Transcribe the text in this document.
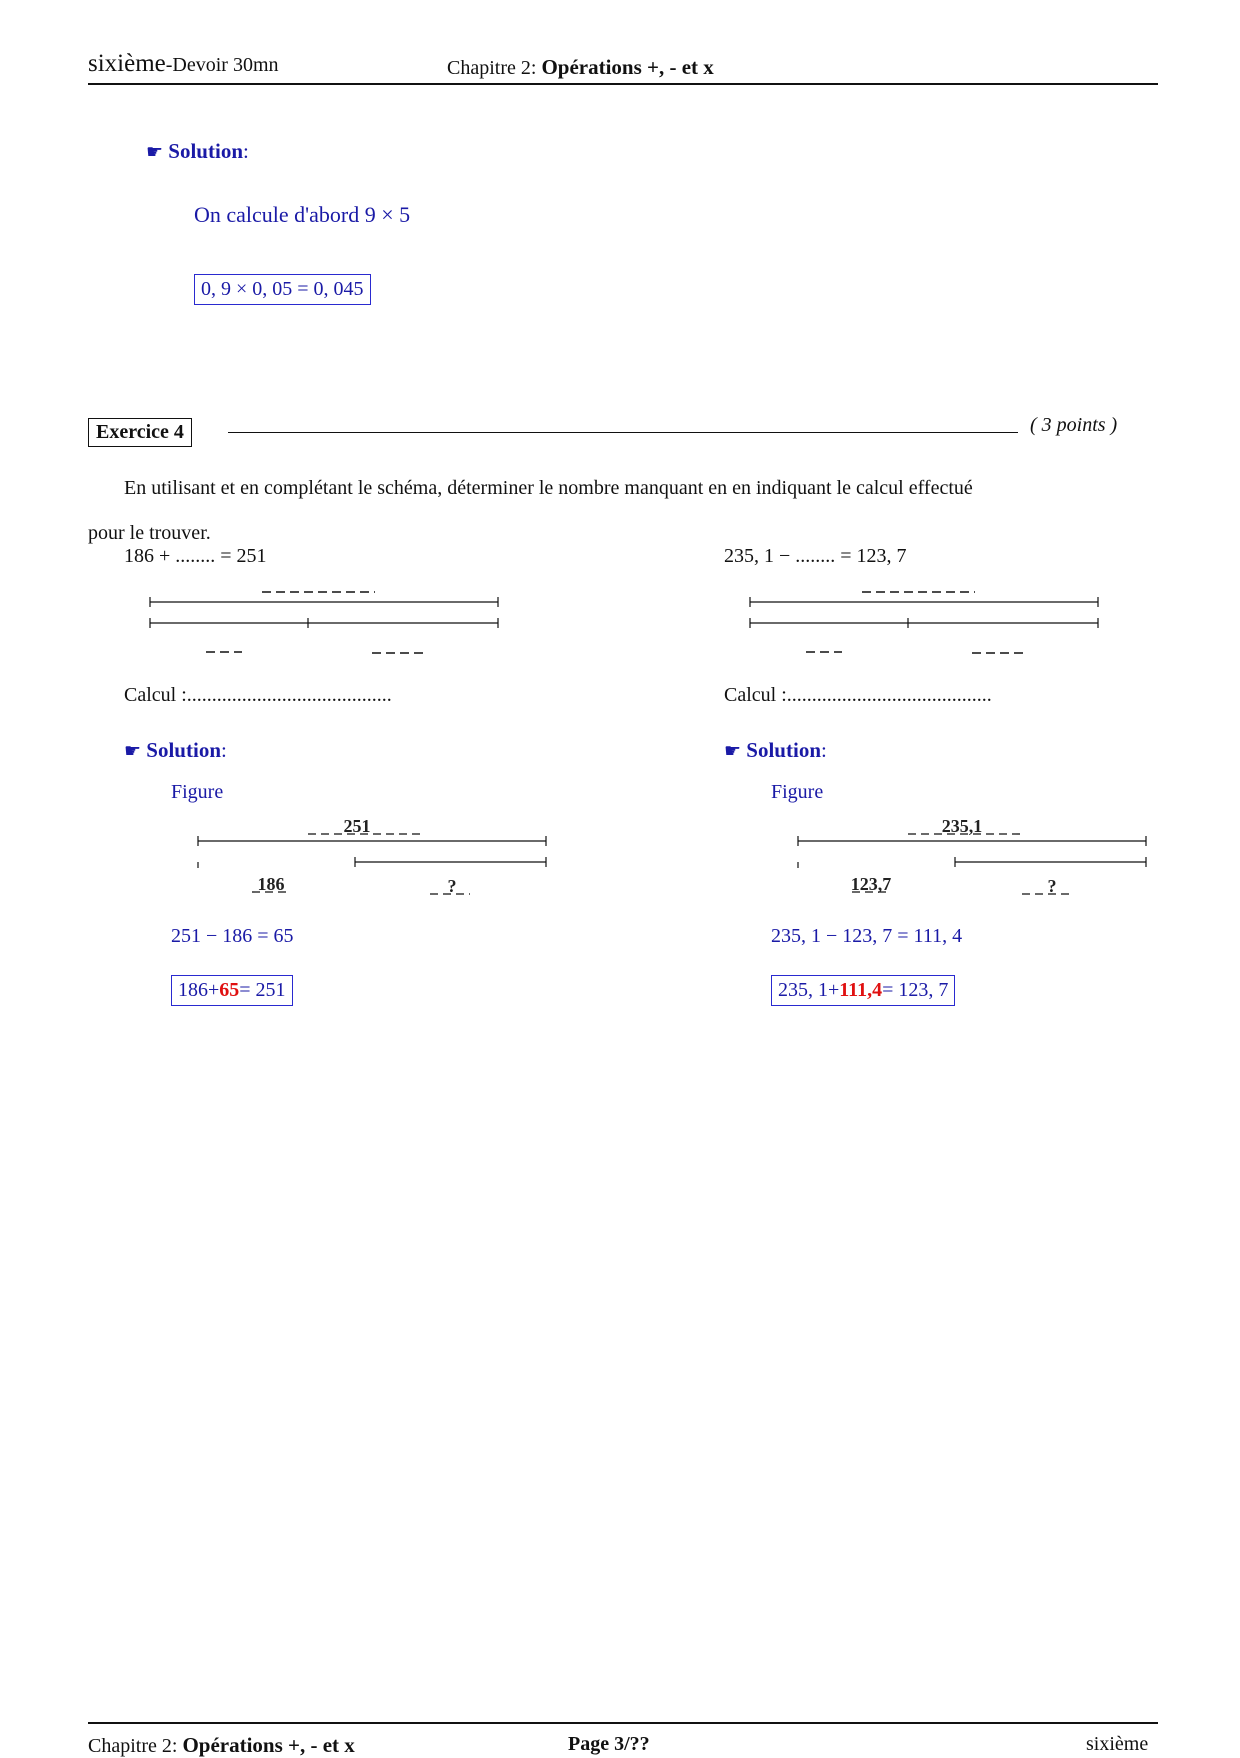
sixième-Devoir 30mn	Chapitre 2: Opérations +, - et x
☛ Solution:
On calcule d'abord 9 × 5
0, 9 × 0, 05 = 0, 045
Exercice 4	( 3 points )
En utilisant et en complétant le schéma, déterminer le nombre manquant en en indiquant le calcul effectué
pour le trouver.
186 + ........ = 251
Calcul :.........................................
☛ Solution:
Figure
251
186	?
251 − 186 = 65
186+65= 251
235, 1 − ........ = 123, 7
Calcul :.........................................
☛ Solution:
Figure
235,1
123,7	?
235, 1 − 123, 7 = 111, 4
235, 1+111,4= 123, 7
Chapitre 2: Opérations +, - et x	Page 3/??	sixième
